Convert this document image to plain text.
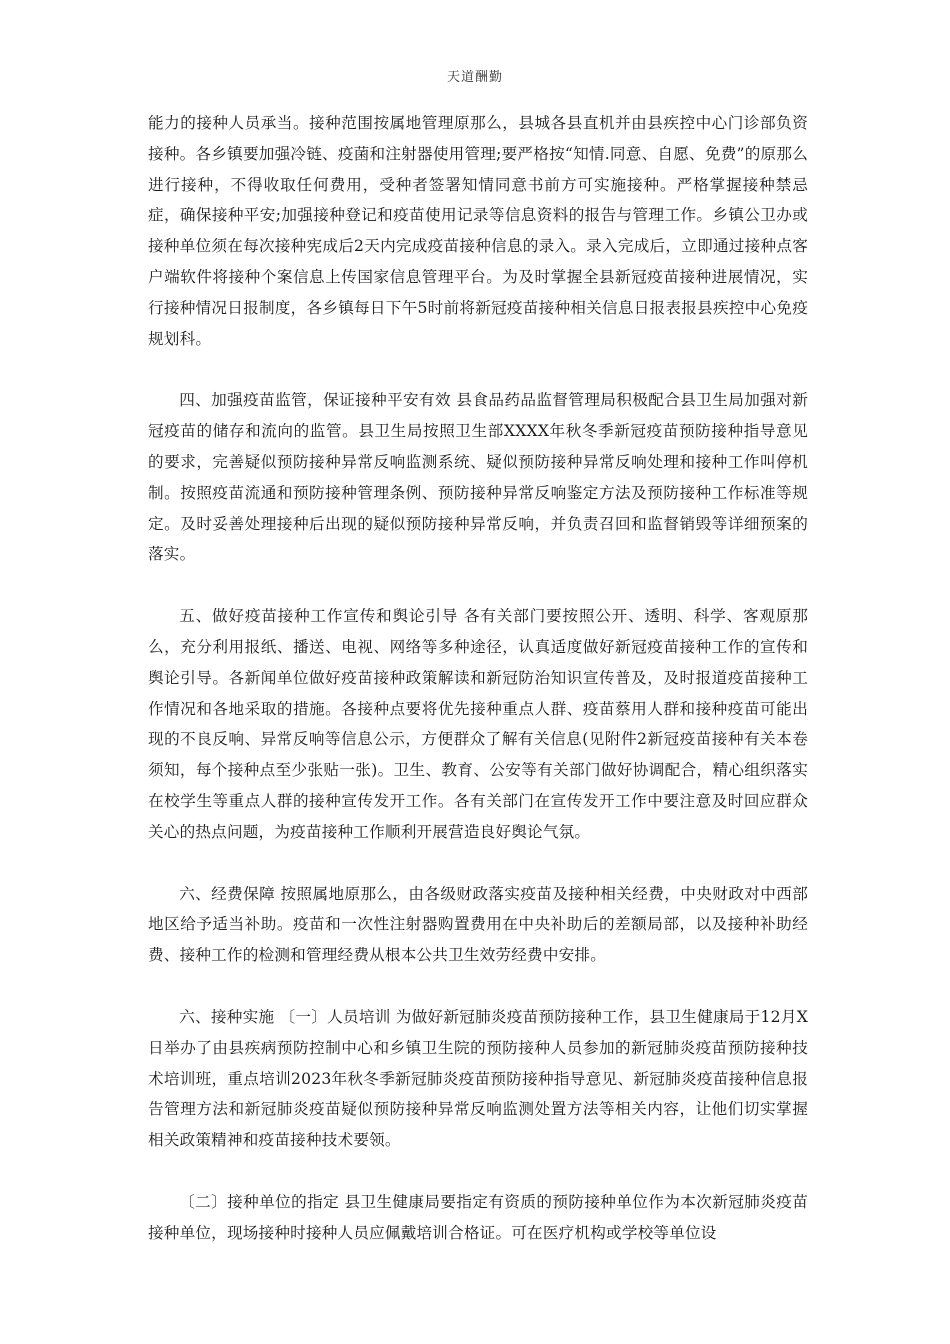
天道酬勤

能力的接种人员承当。接种范围按属地管理原那么，县城各县直机并由县疾控中心门诊部负资接种。各乡镇要加强冷链、疫菌和注射器使用管理;要严格按“知情.同意、自愿、免费”的原那么进行接种，不得收取任何费用，受种者签署知情同意书前方可实施接种。严格掌握接种禁忌症，确保接种平安;加强接种登记和疫苗使用记录等信息资料的报告与管理工作。乡镇公卫办或接种单位须在每次接种宪成后2天内完成疫苗接种信息的录入。录入完成后，立即通过接种点客户端软件将接种个案信息上传国家信息管理平台。为及时掌握全县新冠疫苗接种进展情况，实行接种情况日报制度，各乡镇每日下午5时前将新冠疫苗接种相关信息日报表报县疾控中心免疫规划科。

四、加强疫苗监管，保证接种平安有效 县食品药品监督管理局积极配合县卫生局加强对新冠疫苗的储存和流向的监管。县卫生局按照卫生部XXXX年秋冬季新冠疫苗预防接种指导意见的要求，完善疑似预防接种异常反响监测系统、疑似预防接种异常反响处理和接种工作叫停机制。按照疫苗流通和预防接种管理条例、预防接种异常反响鉴定方法及预防接种工作标准等规定。及时妥善处理接种后出现的疑似预防接种异常反响，并负责召回和监督销毁等详细预案的落实。

五、做好疫苗接种工作宣传和舆论引导 各有关部门要按照公开、透明、科学、客观原那么，充分利用报纸、播送、电视、网络等多种途径，认真适度做好新冠疫苗接种工作的宣传和舆论引导。各新闻单位做好疫苗接种政策解读和新冠防治知识宣传普及，及时报道疫苗接种工作情况和各地采取的措施。各接种点要将优先接种重点人群、疫苗蔡用人群和接种疫苗可能出现的不良反响、异常反响等信息公示，方便群众了解有关信息(见附件2新冠疫苗接种有关本卷须知，每个接种点至少张贴一张)。卫生、教育、公安等有关部门做好协调配合，精心组织落实在校学生等重点人群的接种宣传发开工作。各有关部门在宣传发开工作中要注意及时回应群众关心的热点问题，为疫苗接种工作顺利开展营造良好舆论气氛。

六、经费保障 按照属地原那么，由各级财政落实疫苗及接种相关经费，中央财政对中西部地区给予适当补助。疫苗和一次性注射器购置费用在中央补助后的差额局部，以及接种补助经费、接种工作的检测和管理经费从根本公共卫生效劳经费中安排。

六、接种实施 〔一〕人员培训 为做好新冠肺炎疫苗预防接种工作，县卫生健康局于12月X日举办了由县疾病预防控制中心和乡镇卫生院的预防接种人员参加的新冠肺炎疫苗预防接种技术培训班，重点培训2023年秋冬季新冠肺炎疫苗预防接种指导意见、新冠肺炎疫苗接种信息报告管理方法和新冠肺炎疫苗疑似预防接种异常反响监测处置方法等相关内容，让他们切实掌握相关政策精神和疫苗接种技术要领。

〔二〕接种单位的指定 县卫生健康局要指定有资质的预防接种单位作为本次新冠肺炎疫苗接种单位，现场接种时接种人员应佩戴培训合格证。可在医疗机构或学校等单位设
